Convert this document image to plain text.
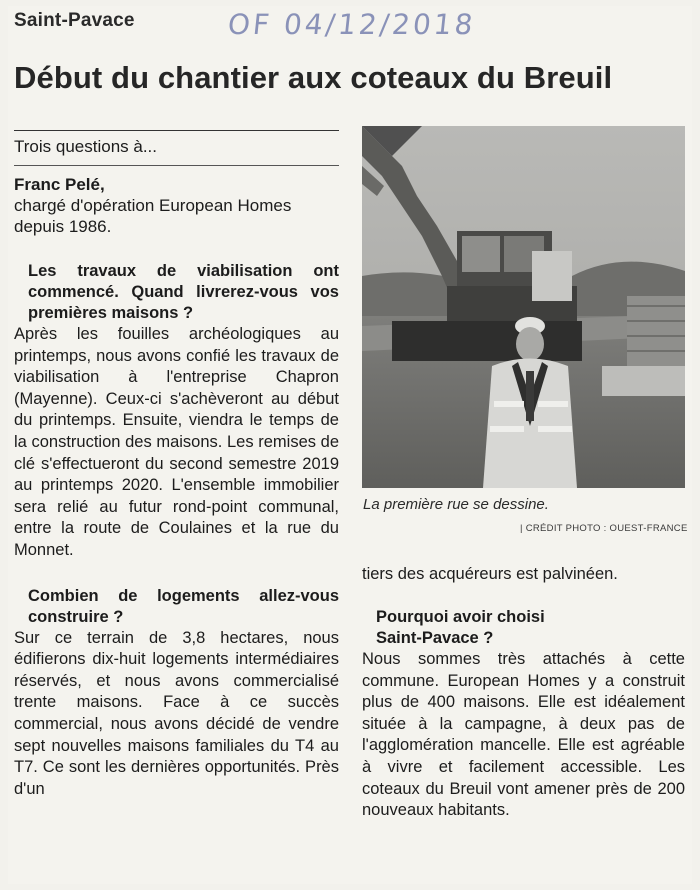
Saint-Pavace	OF 04/12/2018
Début du chantier aux coteaux du Breuil
Trois questions à...
Franc Pelé,
chargé d'opération European Homes
depuis 1986.
Les travaux de viabilisation ont commencé. Quand livrerez-vous vos premières maisons ?
Après les fouilles archéologiques au printemps, nous avons confié les travaux de viabilisation à l'entreprise Chapron (Mayenne). Ceux-ci s'achèveront au début du printemps. Ensuite, viendra le temps de la construction des maisons. Les remises de clé s'effectueront du second semestre 2019 au printemps 2020. L'ensemble immobilier sera relié au futur rond-point communal, entre la route de Coulaines et la rue du Monnet.
Combien de logements allez-vous construire ?
Sur ce terrain de 3,8 hectares, nous édifierons dix-huit logements intermédiaires réservés, et nous avons commercialisé trente maisons. Face à ce succès commercial, nous avons décidé de vendre sept nouvelles maisons familiales du T4 au T7. Ce sont les dernières opportunités. Près d'un
La première rue se dessine.
| CRÉDIT PHOTO : OUEST-FRANCE
tiers des acquéreurs est palvinéen.
Pourquoi avoir choisi
Saint-Pavace ?
Nous sommes très attachés à cette commune. European Homes y a construit plus de 400 maisons. Elle est idéalement située à la campagne, à deux pas de l'agglomération mancelle. Elle est agréable à vivre et facilement accessible. Les coteaux du Breuil vont amener près de 200 nouveaux habitants.
